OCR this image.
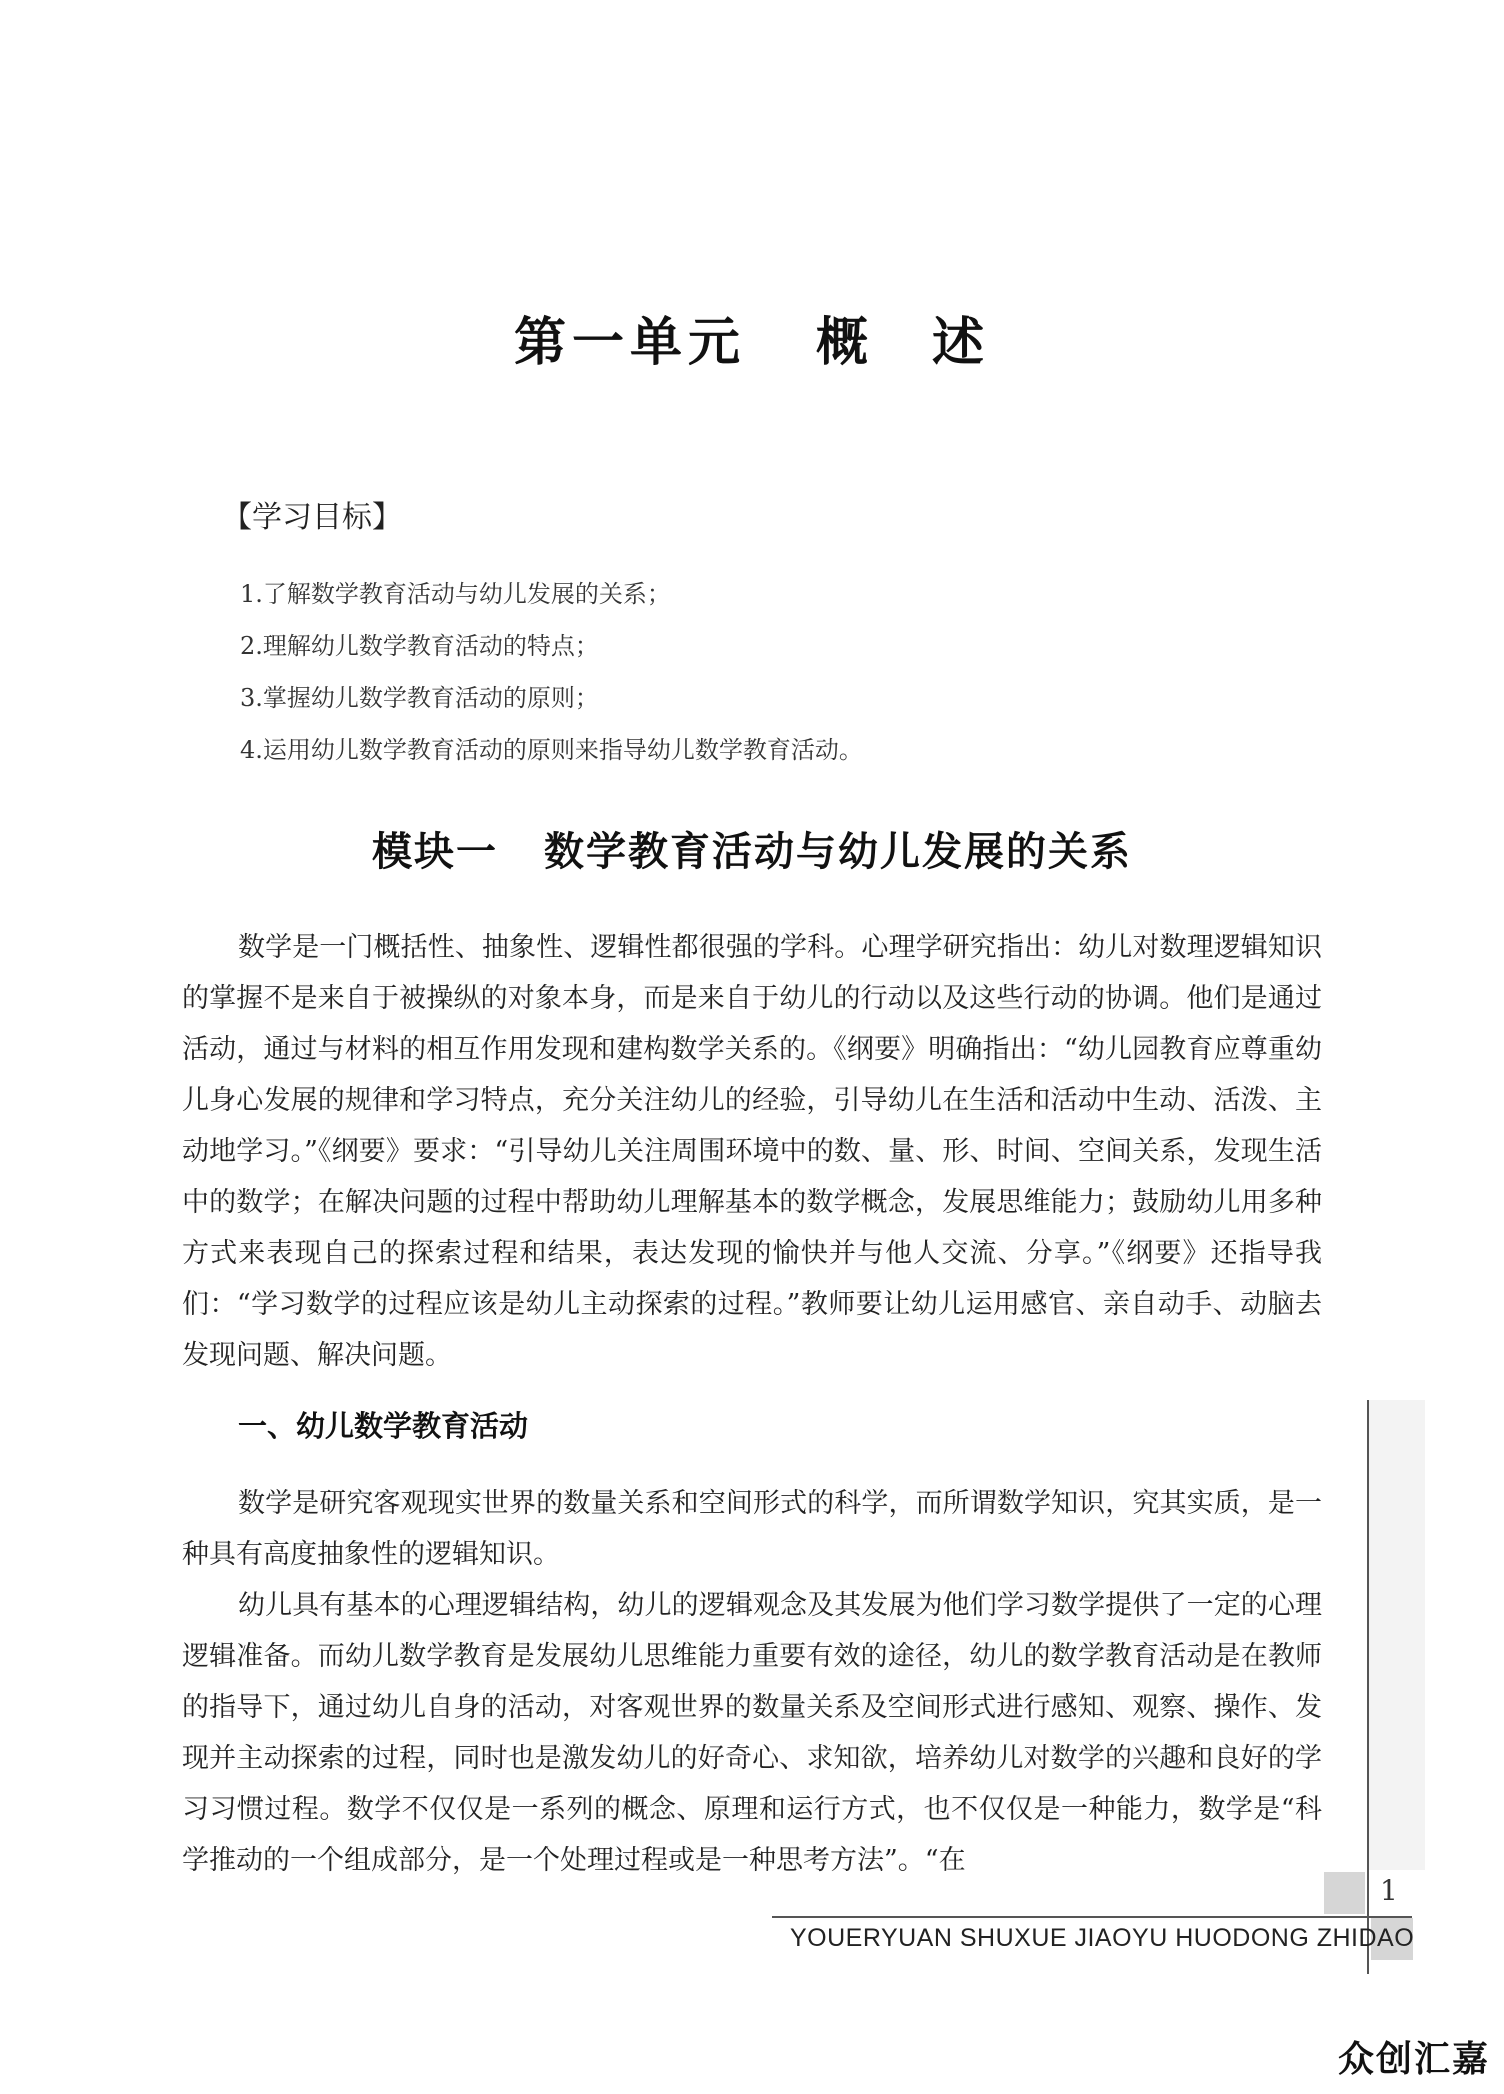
第一单元 概 述
【学习目标】
1.了解数学教育活动与幼儿发展的关系；
2.理解幼儿数学教育活动的特点；
3.掌握幼儿数学教育活动的原则；
4.运用幼儿数学教育活动的原则来指导幼儿数学教育活动。
模块一 数学教育活动与幼儿发展的关系

数学是一门概括性、抽象性、逻辑性都很强的学科。心理学研究指出：幼儿对数理逻辑知识的掌握不是来自于被操纵的对象本身，而是来自于幼儿的行动以及这些行动的协调。他们是通过活动，通过与材料的相互作用发现和建构数学关系的。《纲要》明确指出：“幼儿园教育应尊重幼儿身心发展的规律和学习特点，充分关注幼儿的经验，引导幼儿在生活和活动中生动、活泼、主动地学习。”《纲要》要求：“引导幼儿关注周围环境中的数、量、形、时间、空间关系，发现生活中的数学；在解决问题的过程中帮助幼儿理解基本的数学概念，发展思维能力；鼓励幼儿用多种方式来表现自己的探索过程和结果，表达发现的愉快并与他人交流、分享。”《纲要》还指导我们：“学习数学的过程应该是幼儿主动探索的过程。”教师要让幼儿运用感官、亲自动手、动脑去发现问题、解决问题。

一、幼儿数学教育活动

数学是研究客观现实世界的数量关系和空间形式的科学，而所谓数学知识，究其实质，是一种具有高度抽象性的逻辑知识。

幼儿具有基本的心理逻辑结构，幼儿的逻辑观念及其发展为他们学习数学提供了一定的心理逻辑准备。而幼儿数学教育是发展幼儿思维能力重要有效的途径，幼儿的数学教育活动是在教师的指导下，通过幼儿自身的活动，对客观世界的数量关系及空间形式进行感知、观察、操作、发现并主动探索的过程，同时也是激发幼儿的好奇心、求知欲，培养幼儿对数学的兴趣和良好的学习习惯过程。数学不仅仅是一系列的概念、原理和运行方式，也不仅仅是一种能力，数学是“科学推动的一个组成部分，是一个处理过程或是一种思考方法”。“在

1
YOUERYUAN SHUXUE JIAOYU HUODONG ZHIDAO
众创汇嘉
